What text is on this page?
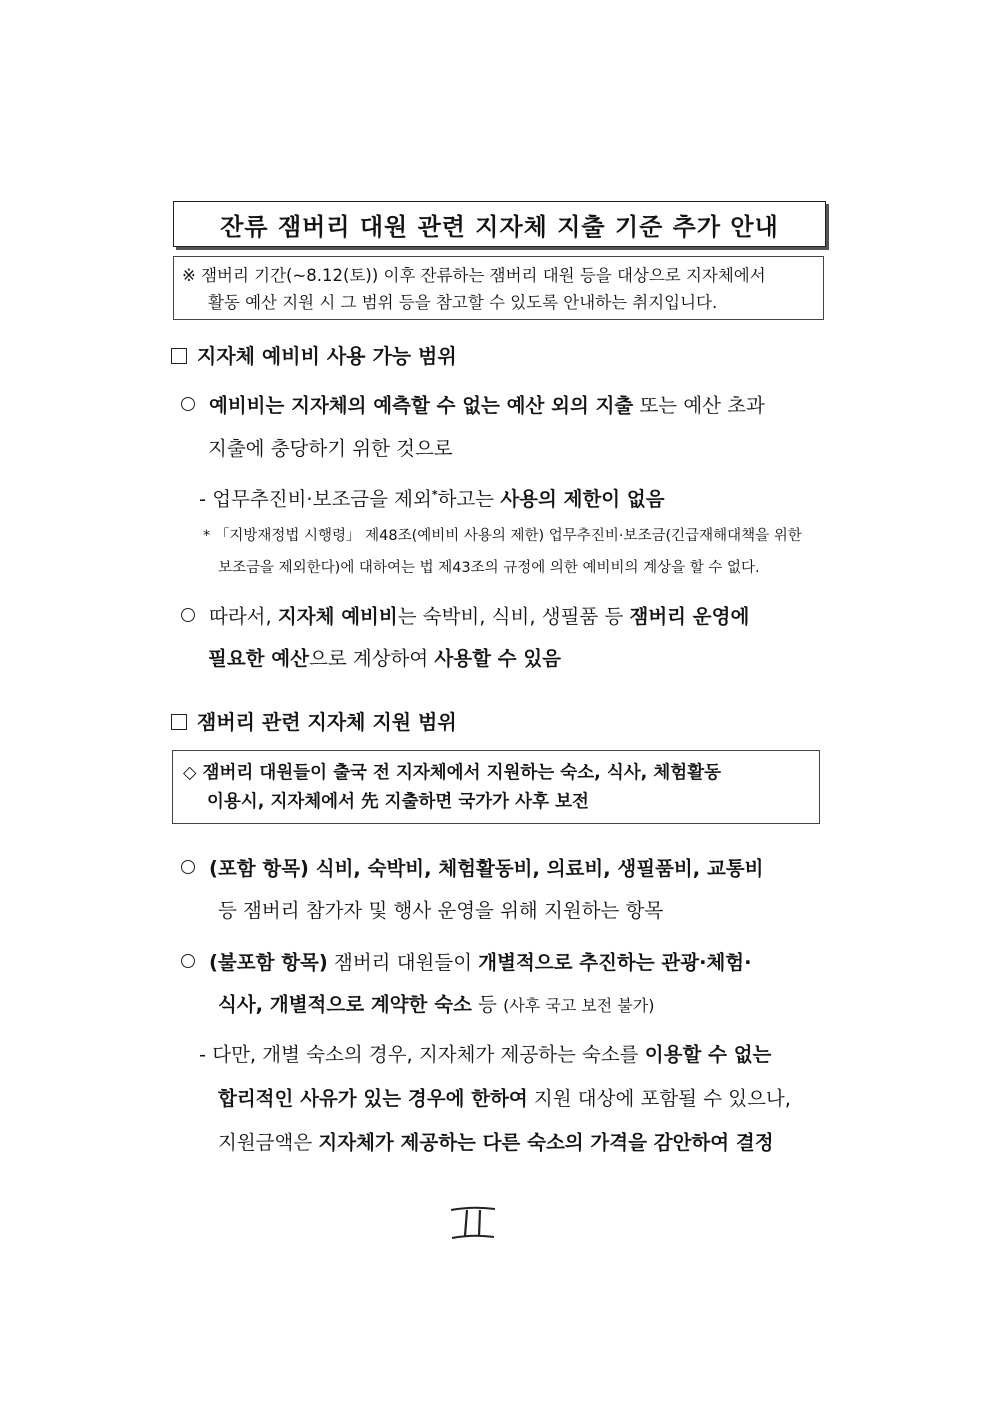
잔류 잼버리 대원 관련 지자체 지출 기준 추가 안내
※ 잼버리 기간(~8.12(토)) 이후 잔류하는 잼버리 대원 등을 대상으로 지자체에서
활동 예산 지원 시 그 범위 등을 참고할 수 있도록 안내하는 취지입니다.
지자체 예비비 사용 가능 범위
예비비는 지자체의 예측할 수 없는 예산 외의 지출 또는 예산 초과
지출에 충당하기 위한 것으로
- 업무추진비·보조금을 제외*하고는 사용의 제한이 없음
* 「지방재정법 시행령」 제48조(예비비 사용의 제한) 업무추진비·보조금(긴급재해대책을 위한
보조금을 제외한다)에 대하여는 법 제43조의 규정에 의한 예비비의 계상을 할 수 없다.
따라서, 지자체 예비비는 숙박비, 식비, 생필품 등 잼버리 운영에
필요한 예산으로 계상하여 사용할 수 있음
잼버리 관련 지자체 지원 범위
◇ 잼버리 대원들이 출국 전 지자체에서 지원하는 숙소, 식사, 체험활동
이용시, 지자체에서 先 지출하면 국가가 사후 보전
(포함 항목) 식비, 숙박비, 체험활동비, 의료비, 생필품비, 교통비
등 잼버리 참가자 및 행사 운영을 위해 지원하는 항목
(불포함 항목) 잼버리 대원들이 개별적으로 추진하는 관광·체험·
식사, 개별적으로 계약한 숙소 등 (사후 국고 보전 불가)
- 다만, 개별 숙소의 경우, 지자체가 제공하는 숙소를 이용할 수 없는
합리적인 사유가 있는 경우에 한하여 지원 대상에 포함될 수 있으나,
지원금액은 지자체가 제공하는 다른 숙소의 가격을 감안하여 결정
